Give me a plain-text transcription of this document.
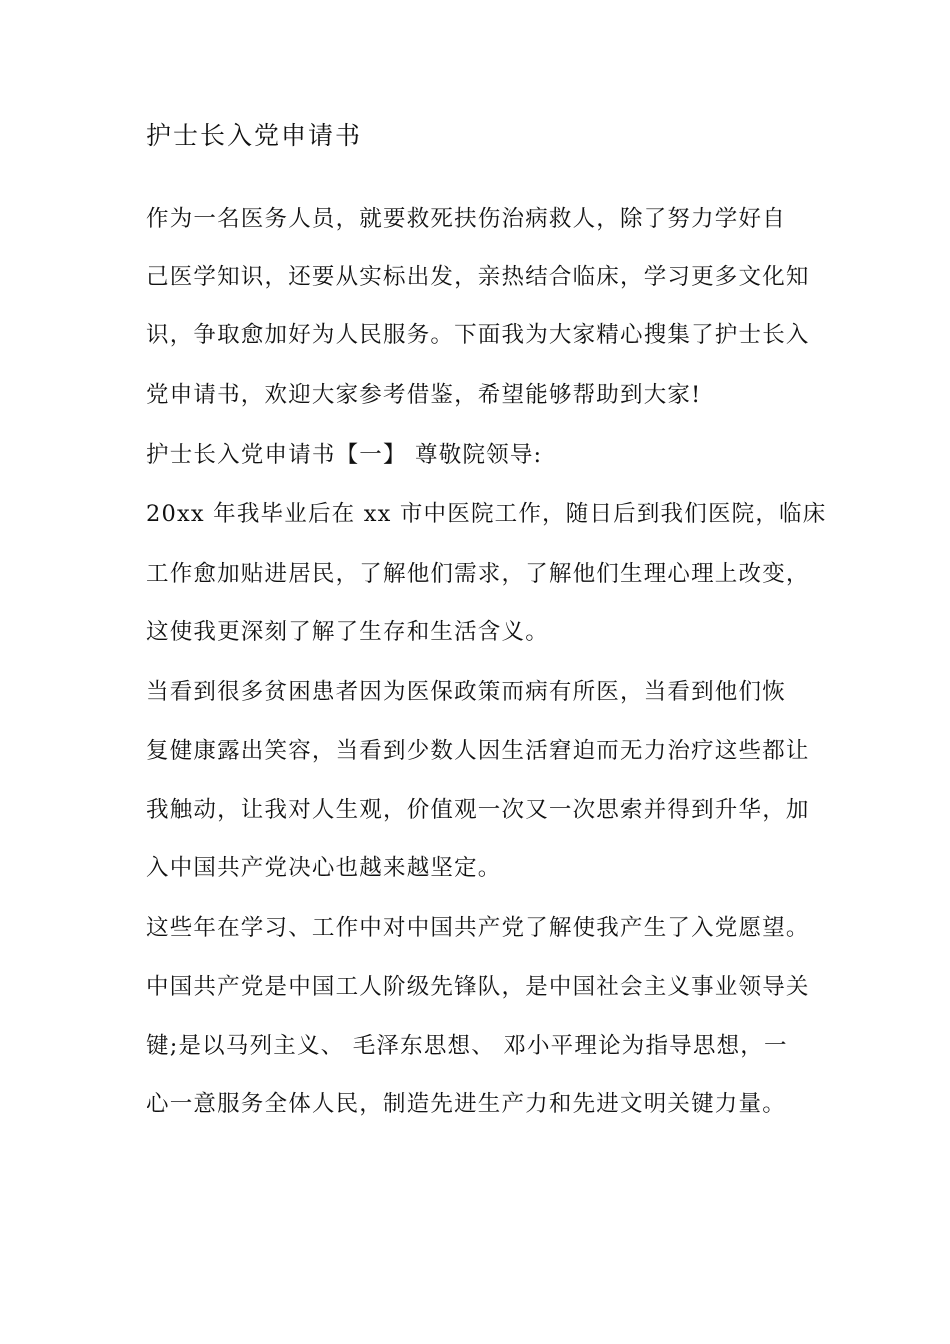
护士长入党申请书
作为一名医务人员，就要救死扶伤治病救人，除了努力学好自
己医学知识，还要从实标出发，亲热结合临床，学习更多文化知
识，争取愈加好为人民服务。下面我为大家精心搜集了护士长入
党申请书，欢迎大家参考借鉴，希望能够帮助到大家!
护士长入党申请书【一】 尊敬院领导:
20xx 年我毕业后在 xx 市中医院工作，随日后到我们医院，临床
工作愈加贴进居民，了解他们需求，了解他们生理心理上改变，
这使我更深刻了解了生存和生活含义。
当看到很多贫困患者因为医保政策而病有所医，当看到他们恢
复健康露出笑容，当看到少数人因生活窘迫而无力治疗这些都让
我触动，让我对人生观，价值观一次又一次思索并得到升华，加
入中国共产党决心也越来越坚定。
这些年在学习、工作中对中国共产党了解使我产生了入党愿望。
中国共产党是中国工人阶级先锋队，是中国社会主义事业领导关
键;是以马列主义、 毛泽东思想、 邓小平理论为指导思想，一
心一意服务全体人民，制造先进生产力和先进文明关键力量。
